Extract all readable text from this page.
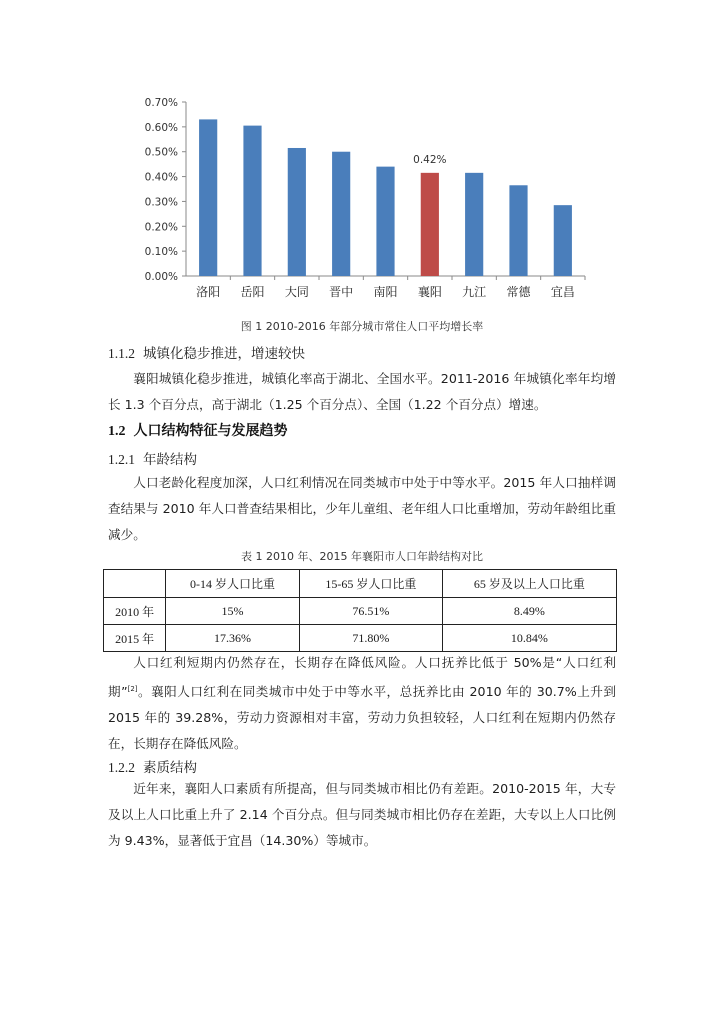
0.00%
0.10%
0.20%
0.30%
0.40%
0.50%
0.60%
0.70%
洛阳 岳阳 大同 晋中 南阳 襄阳
0.42%
九江 常德 宜昌
图 1 2010-2016 年部分城市常住人口平均增长率
1.1.2 城镇化稳步推进，增速较快
襄阳城镇化稳步推进，城镇化率高于湖北、全国水平。2011-2016 年城镇化率年均增长 1.3 个百分点，高于湖北（1.25 个百分点）、全国（1.22 个百分点）增速。
1.2 人口结构特征与发展趋势
1.2.1 年龄结构
人口老龄化程度加深，人口红利情况在同类城市中处于中等水平。2015 年人口抽样调查结果与 2010 年人口普查结果相比，少年儿童组、老年组人口比重增加，劳动年龄组比重减少。
表 1 2010 年、2015 年襄阳市人口年龄结构对比
	0-14 岁人口比重	15-65 岁人口比重	65 岁及以上人口比重
2010 年	15%	76.51%	8.49%
2015 年	17.36%	71.80%	10.84%
人口红利短期内仍然存在，长期存在降低风险。人口抚养比低于 50%是“人口红利期”[2]。襄阳人口红利在同类城市中处于中等水平，总抚养比由 2010 年的 30.7%上升到 2015 年的 39.28%，劳动力资源相对丰富，劳动力负担较轻，人口红利在短期内仍然存在，长期存在降低风险。
1.2.2 素质结构
近年来，襄阳人口素质有所提高，但与同类城市相比仍有差距。2010-2015 年，大专及以上人口比重上升了 2.14 个百分点。但与同类城市相比仍存在差距，大专以上人口比例为 9.43%，显著低于宜昌（14.30%）等城市。
